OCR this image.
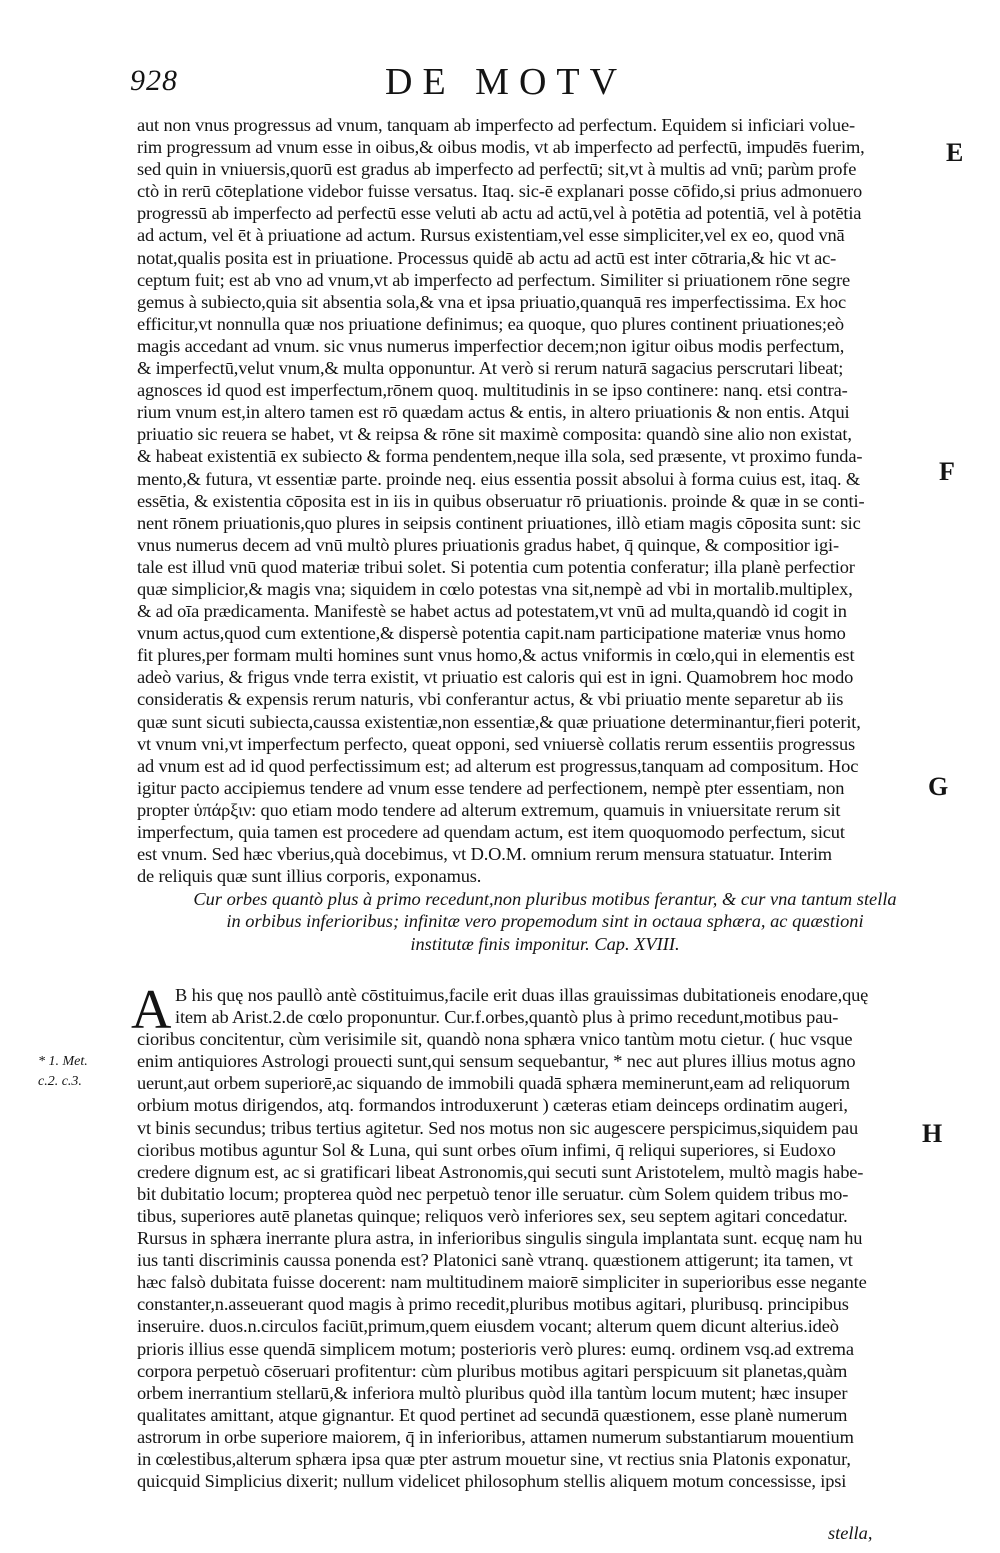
928	DE MOTV
E
F
G
H
* 1. Met.
c.2. c.3.
aut non vnus progressus ad vnum, tanquam ab imperfecto ad perfectum. Equidem si inficiari volue-
rim progressum ad vnum esse in oibus,& oibus modis, vt ab imperfecto ad perfectū, impudēs fuerim,
sed quin in vniuersis,quorū est gradus ab imperfecto ad perfectū; sit,vt à multis ad vnū; parùm profe
ctò in rerū cōteplatione videbor fuisse versatus. Itaq. sic-ē explanari posse cōfido,si prius admonuero
progressū ab imperfecto ad perfectū esse veluti ab actu ad actū,vel à potētia ad potentiā, vel à potētia
ad actum, vel ēt à priuatione ad actum. Rursus existentiam,vel esse simpliciter,vel ex eo, quod vnā
notat,qualis posita est in priuatione. Processus quidē ab actu ad actū est inter cōtraria,& hic vt ac-
ceptum fuit; est ab vno ad vnum,vt ab imperfecto ad perfectum. Similiter si priuationem rōne segre
gemus à subiecto,quia sit absentia sola,& vna et ipsa priuatio,quanquā res imperfectissima. Ex hoc
efficitur,vt nonnulla quæ nos priuatione definimus; ea quoque, quo plures continent priuationes;eò
magis accedant ad vnum. sic vnus numerus imperfectior decem;non igitur oibus modis perfectum,
& imperfectū,velut vnum,& multa opponuntur. At verò si rerum naturā sagacius perscrutari libeat;
agnosces id quod est imperfectum,rōnem quoq. multitudinis in se ipso continere: nanq. etsi contra-
rium vnum est,in altero tamen est rō quædam actus & entis, in altero priuationis & non entis. Atqui
priuatio sic reuera se habet, vt & reipsa & rōne sit maximè composita: quandò sine alio non existat,
& habeat existentiā ex subiecto & forma pendentem,neque illa sola, sed præsente, vt proximo funda-
mento,& futura, vt essentiæ parte. proinde neq. eius essentia possit absolui à forma cuius est, itaq. &
essētia, & existentia cōposita est in iis in quibus obseruatur rō priuationis. proinde & quæ in se conti-
nent rōnem priuationis,quo plures in seipsis continent priuationes, illò etiam magis cōposita sunt: sic
vnus numerus decem ad vnū multò plures priuationis gradus habet, q̄ quinque, & compositior igi-
tale est illud vnū quod materiæ tribui solet. Si potentia cum potentia conferatur; illa planè perfectior
quæ simplicior,& magis vna; siquidem in cœlo potestas vna sit,nempè ad vbi in mortalib.multiplex,
& ad oīa prædicamenta. Manifestè se habet actus ad potestatem,vt vnū ad multa,quandò id cogit in
vnum actus,quod cum extentione,& dispersè potentia capit.nam participatione materiæ vnus homo
fit plures,per formam multi homines sunt vnus homo,& actus vniformis in cœlo,qui in elementis est
adeò varius, & frigus vnde terra existit, vt priuatio est caloris qui est in igni. Quamobrem hoc modo
consideratis & expensis rerum naturis, vbi conferantur actus, & vbi priuatio mente separetur ab iis
quæ sunt sicuti subiecta,caussa existentiæ,non essentiæ,& quæ priuatione determinantur,fieri poterit,
vt vnum vni,vt imperfectum perfecto, queat opponi, sed vniuersè collatis rerum essentiis progressus
ad vnum est ad id quod perfectissimum est; ad alterum est progressus,tanquam ad compositum. Hoc
igitur pacto accipiemus tendere ad vnum esse tendere ad perfectionem, nempè pter essentiam, non
propter ὑπάρξιν: quo etiam modo tendere ad alterum extremum, quamuis in vniuersitate rerum sit
imperfectum, quia tamen est procedere ad quendam actum, est item quoquomodo perfectum, sicut
est vnum. Sed hæc vberius,quà docebimus, vt D.O.M. omnium rerum mensura statuatur. Interim
de reliquis quæ sunt illius corporis, exponamus.
Cur orbes quantò plus à primo recedunt,non pluribus motibus ferantur, & cur vna tantum stella
in orbibus inferioribus; infinitæ vero propemodum sint in octaua sphæra, ac quæstioni
institutæ finis imponitur. Cap. XVIII.
A B his quę nos paullò antè cōstituimus,facile erit duas illas grauissimas dubitationeis enodare,quę
item ab Arist.2.de cœlo proponuntur. Cur.f.orbes,quantò plus à primo recedunt,motibus pau-
cioribus concitentur, cùm verisimile sit, quandò nona sphæra vnico tantùm motu cietur. ( huc vsque
enim antiquiores Astrologi prouecti sunt,qui sensum sequebantur, * nec aut plures illius motus agno
uerunt,aut orbem superiorē,ac siquando de immobili quadā sphæra meminerunt,eam ad reliquorum
orbium motus dirigendos, atq. formandos introduxerunt ) cæteras etiam deinceps ordinatim augeri,
vt binis secundus; tribus tertius agitetur. Sed nos motus non sic augescere perspicimus,siquidem pau
cioribus motibus aguntur Sol & Luna, qui sunt orbes oīum infimi, q̄ reliqui superiores, si Eudoxo
credere dignum est, ac si gratificari libeat Astronomis,qui secuti sunt Aristotelem, multò magis habe-
bit dubitatio locum; propterea quòd nec perpetuò tenor ille seruatur. cùm Solem quidem tribus mo-
tibus, superiores autē planetas quinque; reliquos verò inferiores sex, seu septem agitari concedatur.
Rursus in sphæra inerrante plura astra, in inferioribus singulis singula implantata sunt. ecquę nam hu
ius tanti discriminis caussa ponenda est? Platonici sanè vtranq. quæstionem attigerunt; ita tamen, vt
hæc falsò dubitata fuisse docerent: nam multitudinem maiorē simpliciter in superioribus esse negante
constanter,n.asseuerant quod magis à primo recedit,pluribus motibus agitari, pluribusq. principibus
inseruire. duos.n.circulos faciūt,primum,quem eiusdem vocant; alterum quem dicunt alterius.ideò
prioris illius esse quendā simplicem motum; posterioris verò plures: eumq. ordinem vsq.ad extrema
corpora perpetuò cōseruari profitentur: cùm pluribus motibus agitari perspicuum sit planetas,quàm
orbem inerrantium stellarū,& inferiora multò pluribus quòd illa tantùm locum mutent; hæc insuper
qualitates amittant, atque gignantur. Et quod pertinet ad secundā quæstionem, esse planè numerum
astrorum in orbe superiore maiorem, q̄ in inferioribus, attamen numerum substantiarum mouentium
in cœlestibus,alterum sphæra ipsa quæ pter astrum mouetur sine, vt rectius snia Platonis exponatur,
quicquid Simplicius dixerit; nullum videlicet philosophum stellis aliquem motum concessisse, ipsi
stella,
